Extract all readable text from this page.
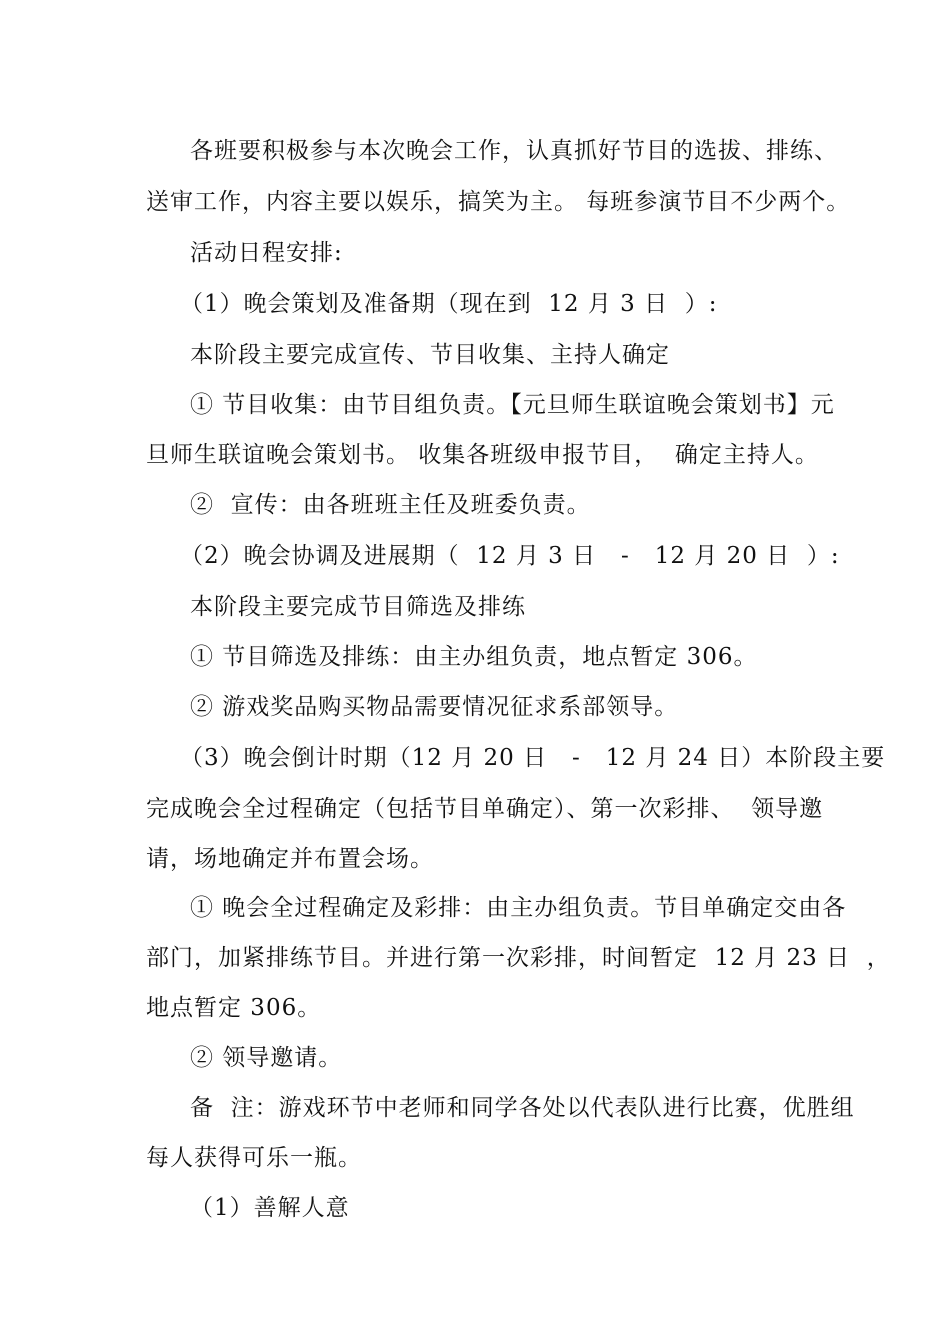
各班要积极参与本次晚会工作，认真抓好节目的选拔、排练、
送审工作，内容主要以娱乐，搞笑为主。 每班参演节目不少两个。
活动日程安排:
（1）晚会策划及准备期（现在到  12 月 3 日  ）:
本阶段主要完成宣传、节目收集、主持人确定
① 节目收集：由节目组负责。【元旦师生联谊晚会策划书】元
旦师生联谊晚会策划书。 收集各班级申报节目，  确定主持人。
②  宣传：由各班班主任及班委负责。
（2）晚会协调及进展期（  12 月 3 日   -   12 月 20 日  ）:
本阶段主要完成节目筛选及排练
① 节目筛选及排练：由主办组负责，地点暂定 306。
② 游戏奖品购买物品需要情况征求系部领导。
（3）晚会倒计时期（12 月 20 日   -   12 月 24 日）本阶段主要
完成晚会全过程确定（包括节目单确定）、第一次彩排、  领导邀
请，场地确定并布置会场。
① 晚会全过程确定及彩排：由主办组负责。节目单确定交由各
部门，加紧排练节目。并进行第一次彩排，时间暂定  12 月 23 日  ，
地点暂定 306。
② 领导邀请。
备  注：游戏环节中老师和同学各处以代表队进行比赛，优胜组
每人获得可乐一瓶。
（1）善解人意
